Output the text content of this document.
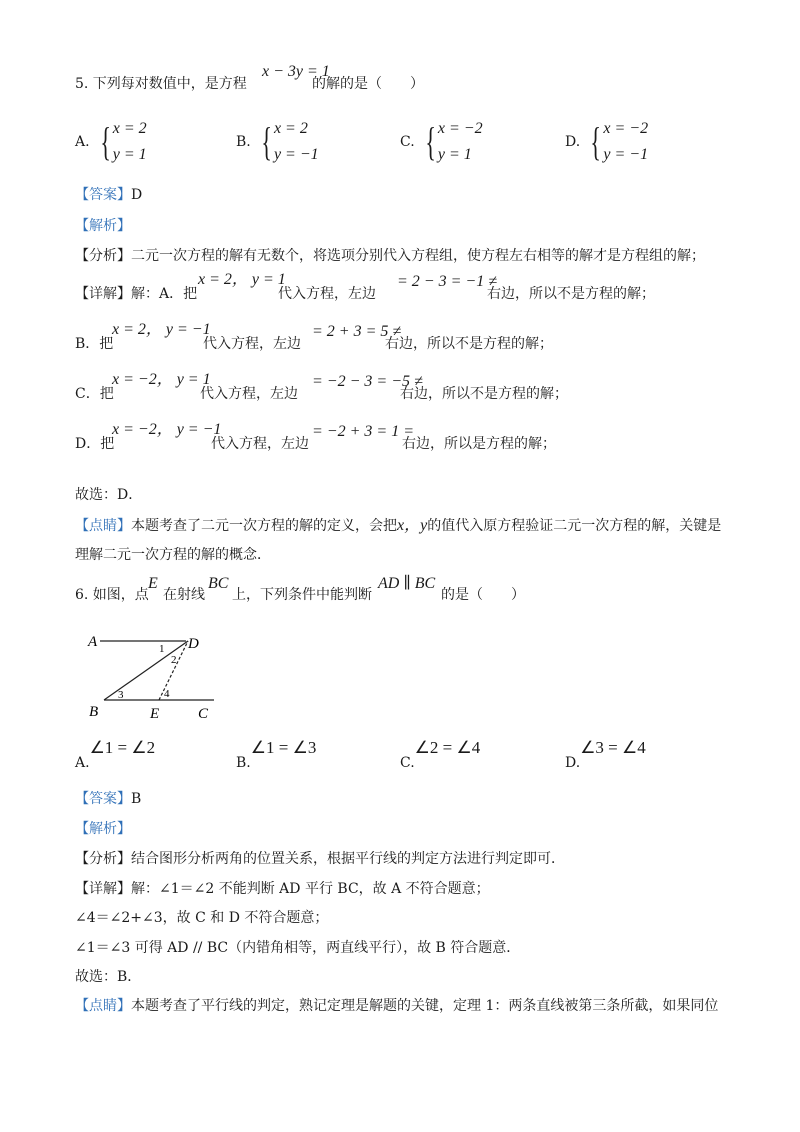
5. 下列每对数值中，是方程
x − 3y = 1
的解的是（　　）
A. { x = 2
y = 1
B. { x = 2
y = −1
C. { x = −2
y = 1
D. { x = −2
y = −1
【答案】D
【解析】
【分析】二元一次方程的解有无数个，将选项分别代入方程组，使方程左右相等的解才是方程组的解；
【详解】解：A．把
x = 2， y = 1
代入方程，左边
= 2 − 3 = −1 ≠
右边，所以不是方程的解；
B．把
x = 2， y = −1
代入方程，左边
= 2 + 3 = 5 ≠
右边，所以不是方程的解；
C．把
x = −2， y = 1
代入方程，左边
= −2 − 3 = −5 ≠
右边，所以不是方程的解；
D．把
x = −2， y = −1
代入方程，左边
= −2 + 3 = 1 =
右边，所以是方程的解；
故选：D．
【点睛】本题考查了二元一次方程的解的定义，会把x，y的值代入原方程验证二元一次方程的解，关键是
理解二元一次方程的解的概念．
6. 如图，点
E
在射线
BC
上，下列条件中能判断
AD ∥ BC
的是（　　）
A	D
B	E	C
1
2
3	4
A.∠1 = ∠2
B.∠1 = ∠3
C.∠2 = ∠4
D.∠3 = ∠4
【答案】B
【解析】
【分析】结合图形分析两角的位置关系，根据平行线的判定方法进行判定即可．
【详解】解：∠1＝∠2 不能判断 AD 平行 BC，故 A 不符合题意；
∠4＝∠2+∠3，故 C 和 D 不符合题意；
∠1＝∠3 可得 AD // BC（内错角相等，两直线平行），故 B 符合题意．
故选：B．
【点睛】本题考查了平行线的判定，熟记定理是解题的关键，定理 1：两条直线被第三条所截，如果同位
